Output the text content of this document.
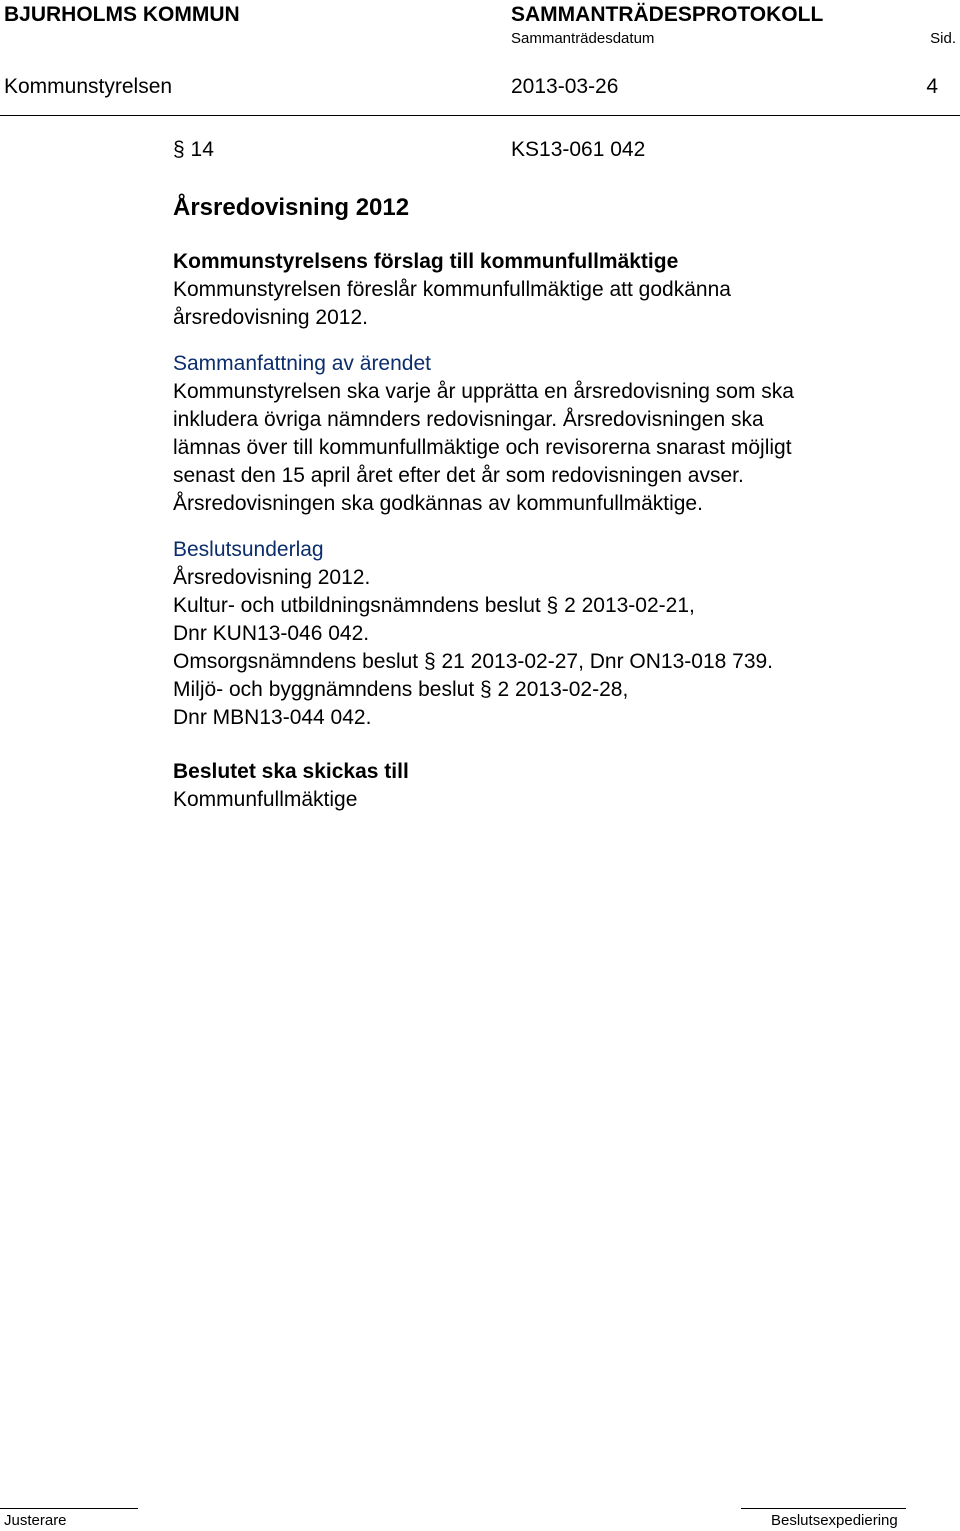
BJURHOLMS KOMMUN	SAMMANTRÄDESPROTOKOLL
Sammanträdesdatum	Sid.
Kommunstyrelsen	2013-03-26	4
§ 14	KS13-061 042
Årsredovisning 2012
Kommunstyrelsens förslag till kommunfullmäktige
Kommunstyrelsen föreslår kommunfullmäktige att godkänna
årsredovisning 2012.
Sammanfattning av ärendet
Kommunstyrelsen ska varje år upprätta en årsredovisning som ska
inkludera övriga nämnders redovisningar. Årsredovisningen ska
lämnas över till kommunfullmäktige och revisorerna snarast möjligt
senast den 15 april året efter det år som redovisningen avser.
Årsredovisningen ska godkännas av kommunfullmäktige.
Beslutsunderlag
Årsredovisning 2012.
Kultur- och utbildningsnämndens beslut § 2 2013-02-21,
Dnr KUN13-046 042.
Omsorgsnämndens beslut § 21 2013-02-27, Dnr ON13-018 739.
Miljö- och byggnämndens beslut § 2 2013-02-28,
Dnr MBN13-044 042.
Beslutet ska skickas till
Kommunfullmäktige
Justerare	Beslutsexpediering
